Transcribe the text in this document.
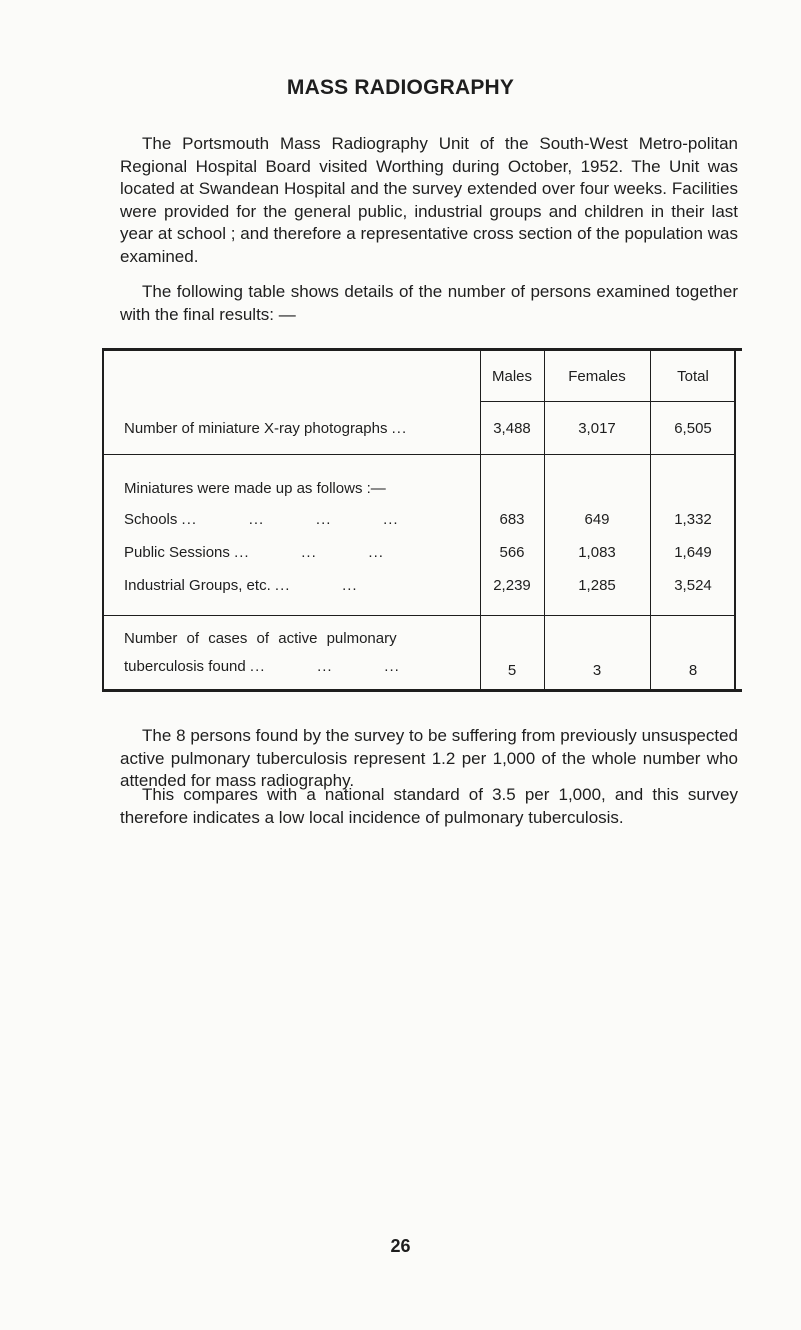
MASS RADIOGRAPHY

The Portsmouth Mass Radiography Unit of the South-West Metro-politan Regional Hospital Board visited Worthing during October, 1952. The Unit was located at Swandean Hospital and the survey extended over four weeks. Facilities were provided for the general public, industrial groups and children in their last year at school ; and therefore a representative cross section of the population was examined.

The following table shows details of the number of persons examined together with the final results: —

Males	Females	Total
Number of miniature X-ray photographs ...	3,488	3,017	6,505
Miniatures were made up as follows :—
Schools ...          ...          ...          ...	683	649	1,332
Public Sessions ...          ...          ...	566	1,083	1,649
Industrial Groups, etc. ...          ...	2,239	1,285	3,524
Number of cases of active pulmonary
tuberculosis found ...          ...          ...	5	3	8

The 8 persons found by the survey to be suffering from previously unsuspected active pulmonary tuberculosis represent 1.2 per 1,000 of the whole number who attended for mass radiography.

This compares with a national standard of 3.5 per 1,000, and this survey therefore indicates a low local incidence of pulmonary tuberculosis.

26
